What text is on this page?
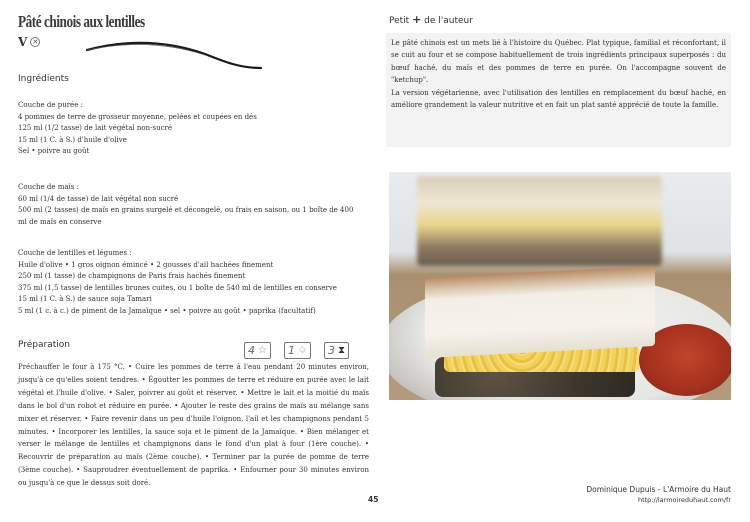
Pâté chinois aux lentilles
V ✕
Ingrédients
Couche de purée :
4 pommes de terre de grosseur moyenne, pelées et coupées en dés
125 ml (1/2 tasse) de lait végétal non-sucré
15 ml (1 C. à S.) d'huile d'olive
Sel • poivre au goût
Couche de maïs :
60 ml (1/4 de tasse) de lait végétal non sucré
500 ml (2 tasses) de maïs en grains surgelé et décongelé, ou frais en saison, ou 1 boîte de 400 ml de maïs en conserve
Couche de lentilles et légumes :
Huile d'olive • 1 gros oignon émincé • 2 gousses d'ail hachées finement
250 ml (1 tasse) de champignons de Paris frais hachés finement
375 ml (1,5 tasse) de lentilles brunes cuites, ou 1 boîte de 540 ml de lentilles en conserve
15 ml (1 C. à S.) de sauce soja Tamari
5 ml (1 c. à c.) de piment de la Jamaïque • sel • poivre au goût • paprika (facultatif)
Préparation	4 ☆ 1 ♤ 3 ⧗
Préchauffer le four à 175 °C. • Cuire les pommes de terre à l'eau pendant 20 minutes environ, jusqu'à ce qu'elles soient tendres. • Égoutter les pommes de terre et réduire en purée avec le lait végétal et l'huile d'olive. • Saler, poivrer au goût et réserver. • Mettre le lait et la moitié du maïs dans le bol d'un robot et réduire en purée. • Ajouter le reste des grains de maïs au mélange sans mixer et réserver. • Faire revenir dans un peu d'huile l'oignon, l'ail et les champignons pendant 5 minutes. • Incorporer les lentilles, la sauce soja et le piment de la Jamaïque. • Bien mélanger et verser le mélange de lentilles et champignons dans le fond d'un plat à four (1ère couche). • Recouvrir de préparation au maïs (2ème couche). • Terminer par la purée de pomme de terre (3ème couche). • Sauproudrer éventuellement de paprika. • Enfourner pour 30 minutes environ ou jusqu'à ce que le dessus soit doré.
45
Petit + de l'auteur

Le pâté chinois est un mets lié à l'histoire du Québec. Plat typique, familial et réconfortant, il se cuit au four et se compose habituellement de trois ingrédients principaux superposés : du bœuf haché, du maïs et des pommes de terre en purée. On l'accompagne souvent de "ketchup".

La version végétarienne, avec l'utilisation des lentilles en remplacement du bœuf haché, en améliore grandement la valeur nutritive et en fait un plat santé apprécié de toute la famille.

Dominique Dupuis - L'Armoire du Haut
http://larmoireduhaut.com/fr
